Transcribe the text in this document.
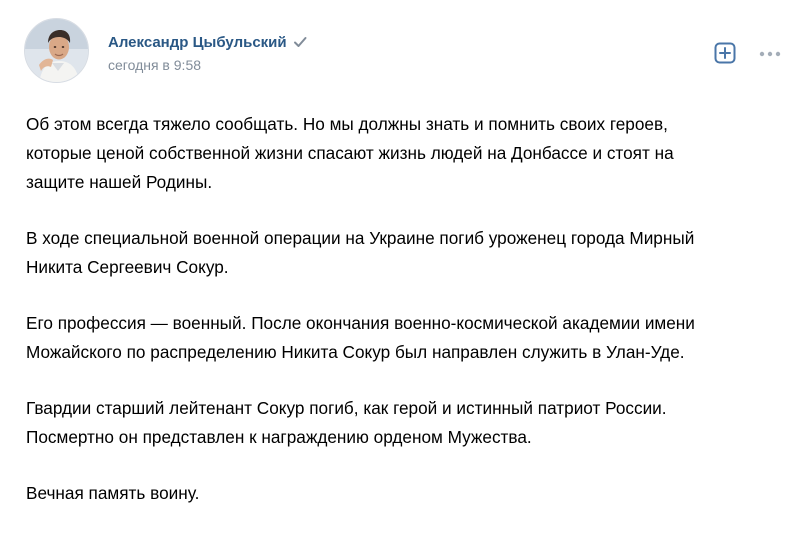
Александр Цыбульский
сегодня в 9:58

Об этом всегда тяжело сообщать. Но мы должны знать и помнить своих героев,
которые ценой собственной жизни спасают жизнь людей на Донбассе и стоят на
защите нашей Родины.

В ходе специальной военной операции на Украине погиб уроженец города Мирный
Никита Сергеевич Сокур.

Его профессия — военный. После окончания военно-космической академии имени
Можайского по распределению Никита Сокур был направлен служить в Улан-Уде.

Гвардии старший лейтенант Сокур погиб, как герой и истинный патриот России.
Посмертно он представлен к награждению орденом Мужества.

Вечная память воину.
